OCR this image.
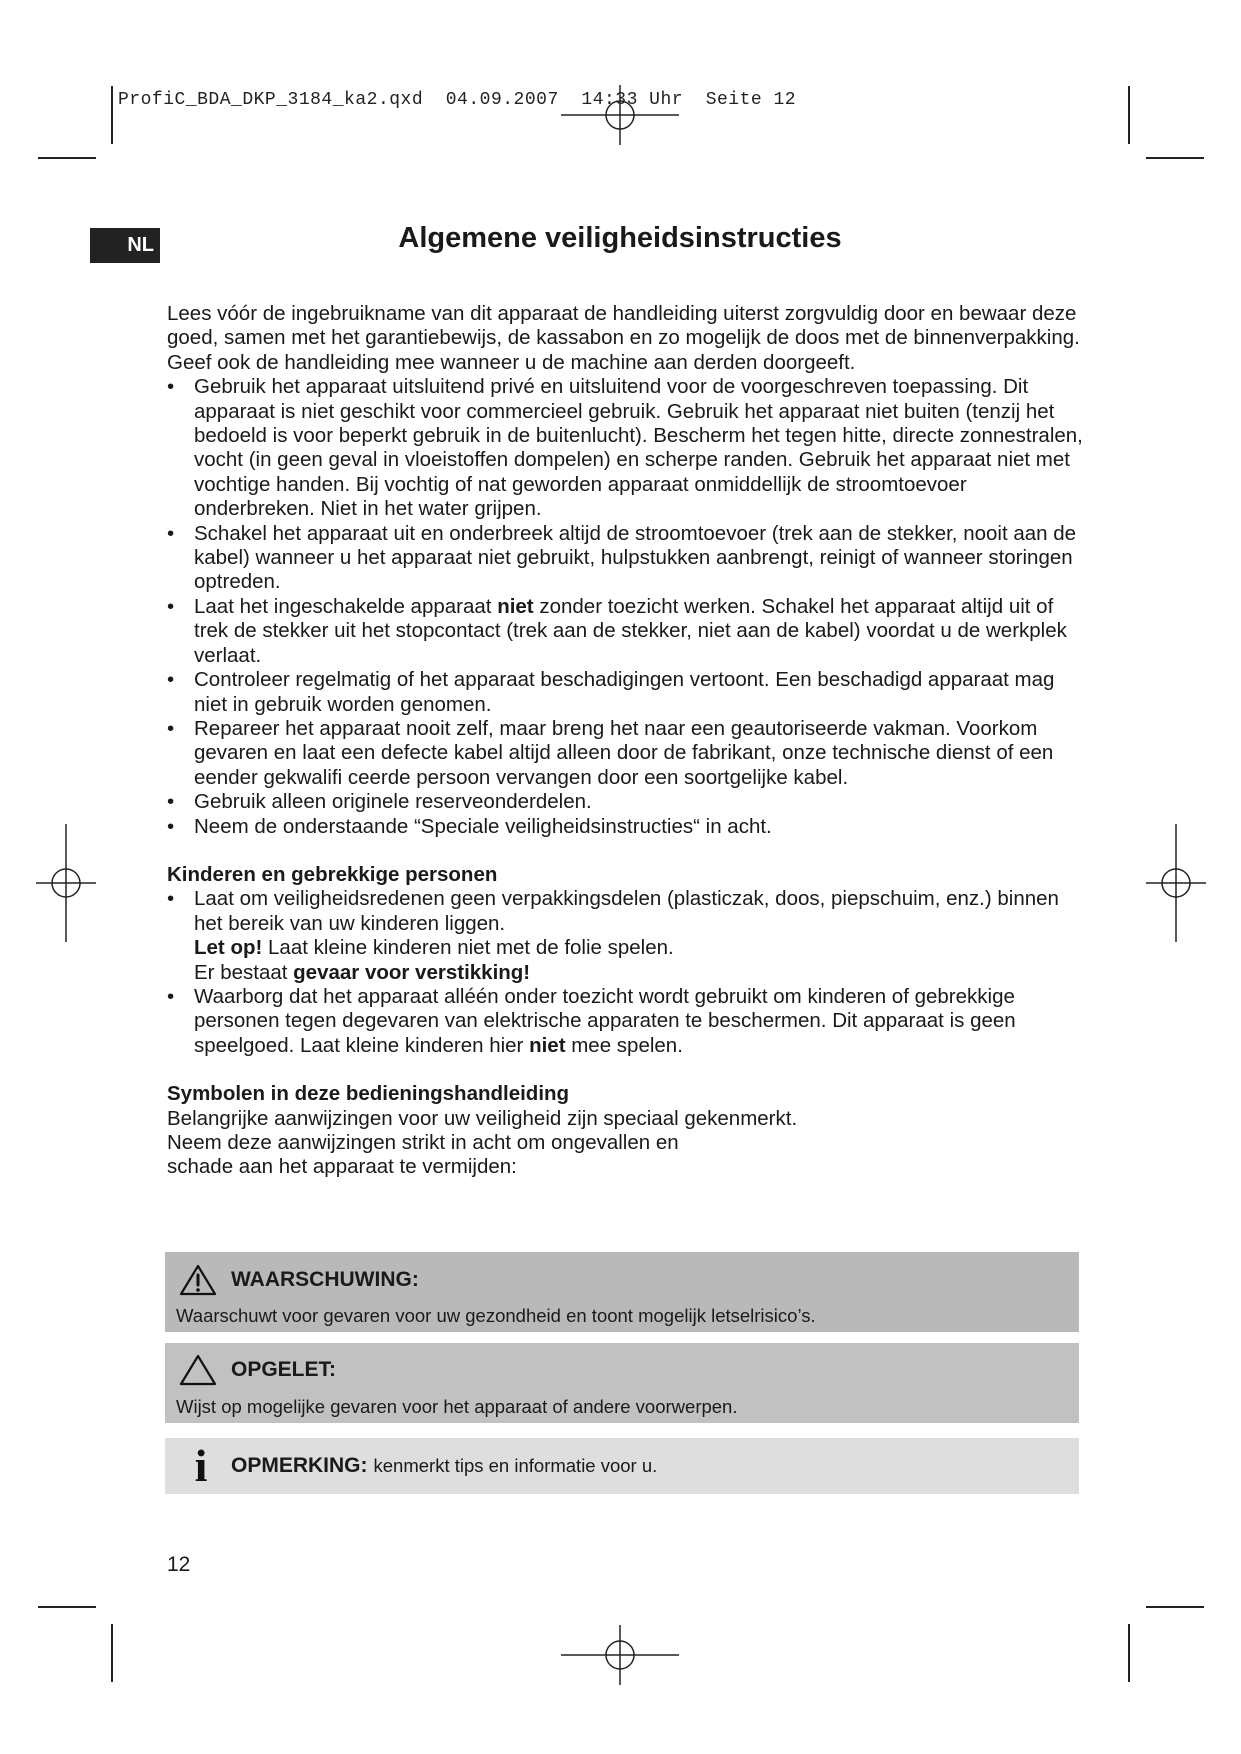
ProfiC_BDA_DKP_3184_ka2.qxd  04.09.2007  14:33 Uhr  Seite 12
NL	Algemene veiligheidsinstructies

Lees vóór de ingebruikname van dit apparaat de handleiding uiterst zorgvuldig door en bewaar deze goed, samen met het garantiebewijs, de kassabon en zo mogelijk de doos met de binnenverpakking. Geef ook de handleiding mee wanneer u de machine aan derden doorgeeft.

• Gebruik het apparaat uitsluitend privé en uitsluitend voor de voorgeschreven toepassing. Dit apparaat is niet geschikt voor commercieel gebruik. Gebruik het apparaat niet buiten (tenzij het bedoeld is voor beperkt gebruik in de buitenlucht). Bescherm het tegen hitte, directe zonnestralen, vocht (in geen geval in vloeistoffen dompelen) en scherpe randen. Gebruik het apparaat niet met vochtige handen. Bij vochtig of nat geworden apparaat onmiddellijk de stroomtoevoer onderbreken. Niet in het water grijpen.
• Schakel het apparaat uit en onderbreek altijd de stroomtoevoer (trek aan de stekker, nooit aan de kabel) wanneer u het apparaat niet gebruikt, hulpstukken aanbrengt, reinigt of wanneer storingen optreden.
• Laat het ingeschakelde apparaat niet zonder toezicht werken. Schakel het apparaat altijd uit of trek de stekker uit het stopcontact (trek aan de stekker, niet aan de kabel) voordat u de werkplek verlaat.
• Controleer regelmatig of het apparaat beschadigingen vertoont. Een beschadigd apparaat mag niet in gebruik worden genomen.
• Repareer het apparaat nooit zelf, maar breng het naar een geautoriseerde vakman. Voorkom gevaren en laat een defecte kabel altijd alleen door de fabrikant, onze technische dienst of een eender gekwalifi ceerde persoon vervangen door een soortgelijke kabel.
• Gebruik alleen originele reserveonderdelen.
• Neem de onderstaande “Speciale veiligheidsinstructies“ in acht.
Kinderen en gebrekkige personen
• Laat om veiligheidsredenen geen verpakkingsdelen (plasticzak, doos, piepschuim, enz.) binnen het bereik van uw kinderen liggen.
Let op! Laat kleine kinderen niet met de folie spelen.
Er bestaat gevaar voor verstikking!
• Waarborg dat het apparaat alléén onder toezicht wordt gebruikt om kinderen of gebrekkige personen tegen degevaren van elektrische apparaten te beschermen. Dit apparaat is geen speelgoed. Laat kleine kinderen hier niet mee spelen.
Symbolen in deze bedieningshandleiding

Belangrijke aanwijzingen voor uw veiligheid zijn speciaal gekenmerkt.

Neem deze aanwijzingen strikt in acht om ongevallen en

schade aan het apparaat te vermijden:

WAARSCHUWING:
Waarschuwt voor gevaren voor uw gezondheid en toont mogelijk letselrisico’s.
OPGELET:
Wijst op mogelijke gevaren voor het apparaat of andere voorwerpen.
i OPMERKING: kenmerkt tips en informatie voor u.
12
